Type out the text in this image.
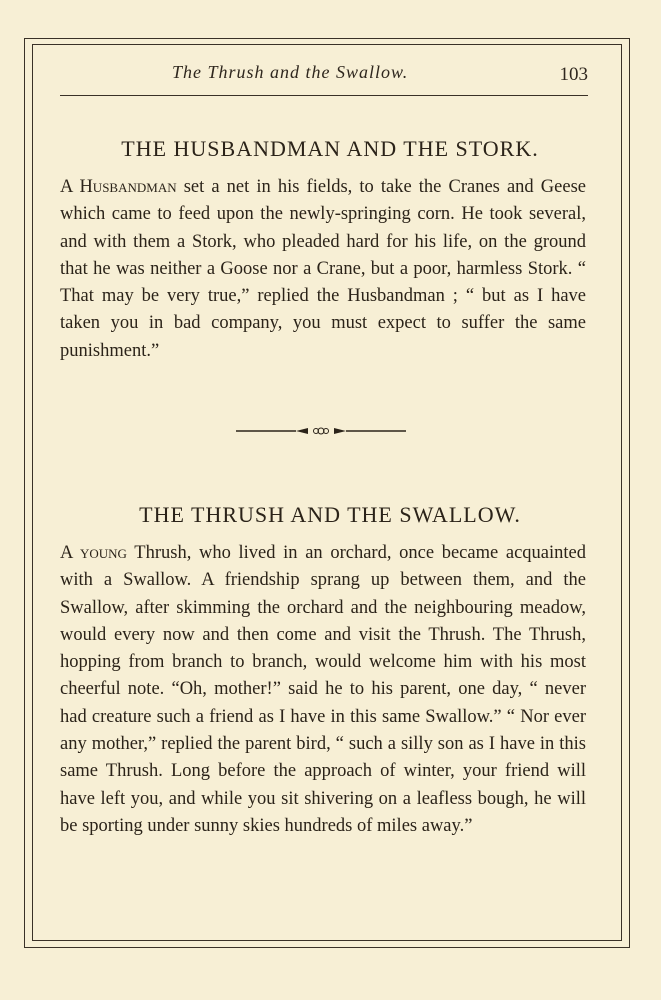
The Thrush and the Swallow.	103
THE HUSBANDMAN AND THE STORK.

A Husbandman set a net in his fields, to take the Cranes and Geese which came to feed upon the newly-springing corn. He took several, and with them a Stork, who pleaded hard for his life, on the ground that he was neither a Goose nor a Crane, but a poor, harmless Stork. “ That may be very true,” replied the Husbandman ; “ but as I have taken you in bad company, you must expect to suffer the same punishment.”

THE THRUSH AND THE SWALLOW.

A young Thrush, who lived in an orchard, once became acquainted with a Swallow. A friendship sprang up between them, and the Swallow, after skimming the orchard and the neighbouring meadow, would every now and then come and visit the Thrush. The Thrush, hopping from branch to branch, would welcome him with his most cheerful note. “Oh, mother!” said he to his parent, one day, “ never had creature such a friend as I have in this same Swallow.” “ Nor ever any mother,” replied the parent bird, “ such a silly son as I have in this same Thrush. Long before the approach of winter, your friend will have left you, and while you sit shivering on a leafless bough, he will be sporting under sunny skies hundreds of miles away.”
